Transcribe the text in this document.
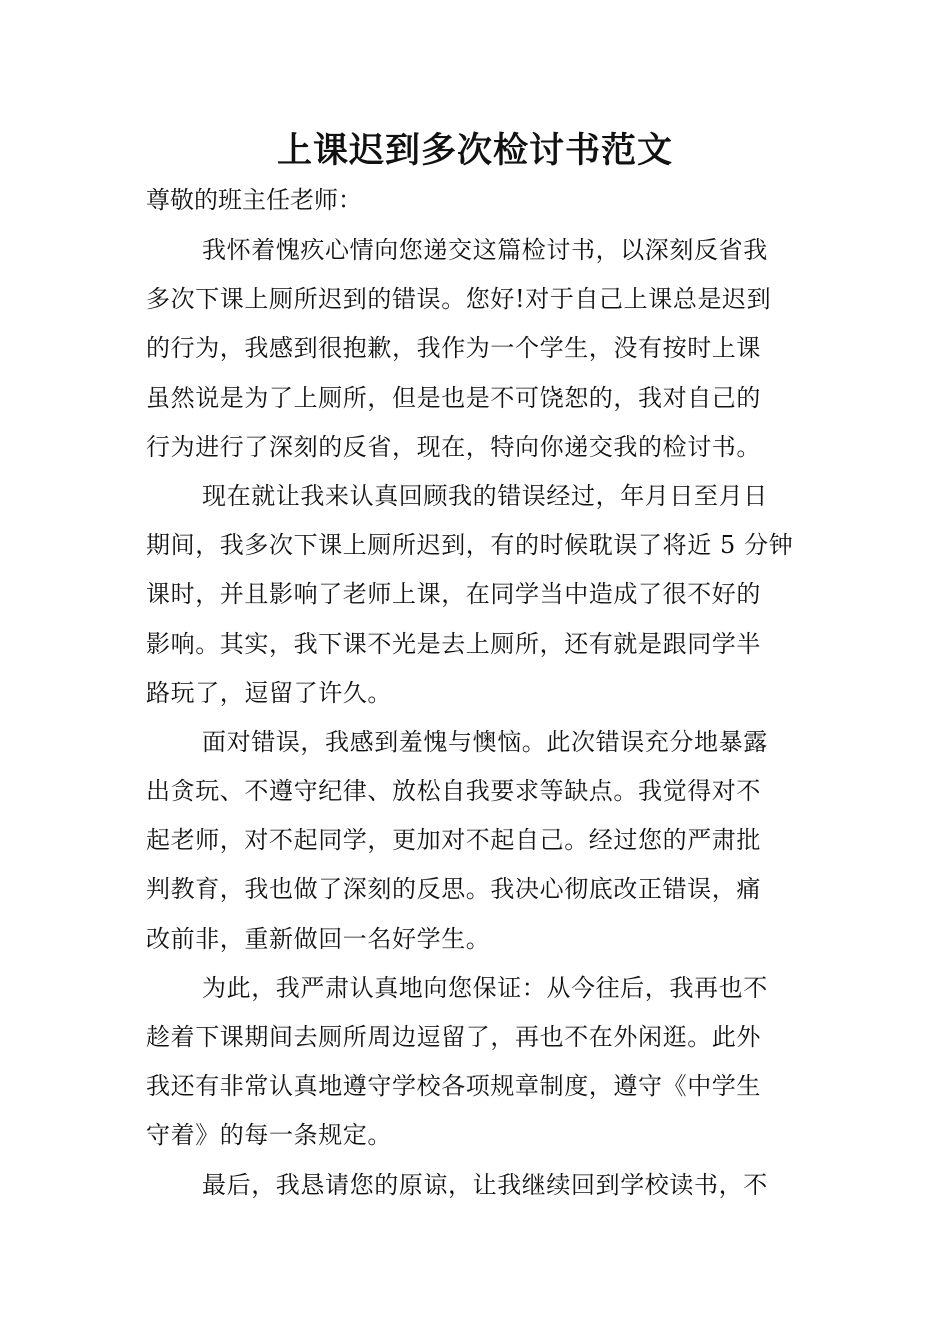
上课迟到多次检讨书范文
尊敬的班主任老师：

我怀着愧疚心情向您递交这篇检讨书，以深刻反省我
多次下课上厕所迟到的错误。您好!对于自己上课总是迟到
的行为，我感到很抱歉，我作为一个学生，没有按时上课
虽然说是为了上厕所，但是也是不可饶恕的，我对自己的
行为进行了深刻的反省，现在，特向你递交我的检讨书。

现在就让我来认真回顾我的错误经过，年月日至月日
期间，我多次下课上厕所迟到，有的时候耽误了将近 5 分钟
课时，并且影响了老师上课，在同学当中造成了很不好的
影响。其实，我下课不光是去上厕所，还有就是跟同学半
路玩了，逗留了许久。

面对错误，我感到羞愧与懊恼。此次错误充分地暴露
出贪玩、不遵守纪律、放松自我要求等缺点。我觉得对不
起老师，对不起同学，更加对不起自己。经过您的严肃批
判教育，我也做了深刻的反思。我决心彻底改正错误，痛
改前非，重新做回一名好学生。

为此，我严肃认真地向您保证：从今往后，我再也不
趁着下课期间去厕所周边逗留了，再也不在外闲逛。此外
我还有非常认真地遵守学校各项规章制度，遵守《中学生
守着》的每一条规定。

最后，我恳请您的原谅，让我继续回到学校读书，不
